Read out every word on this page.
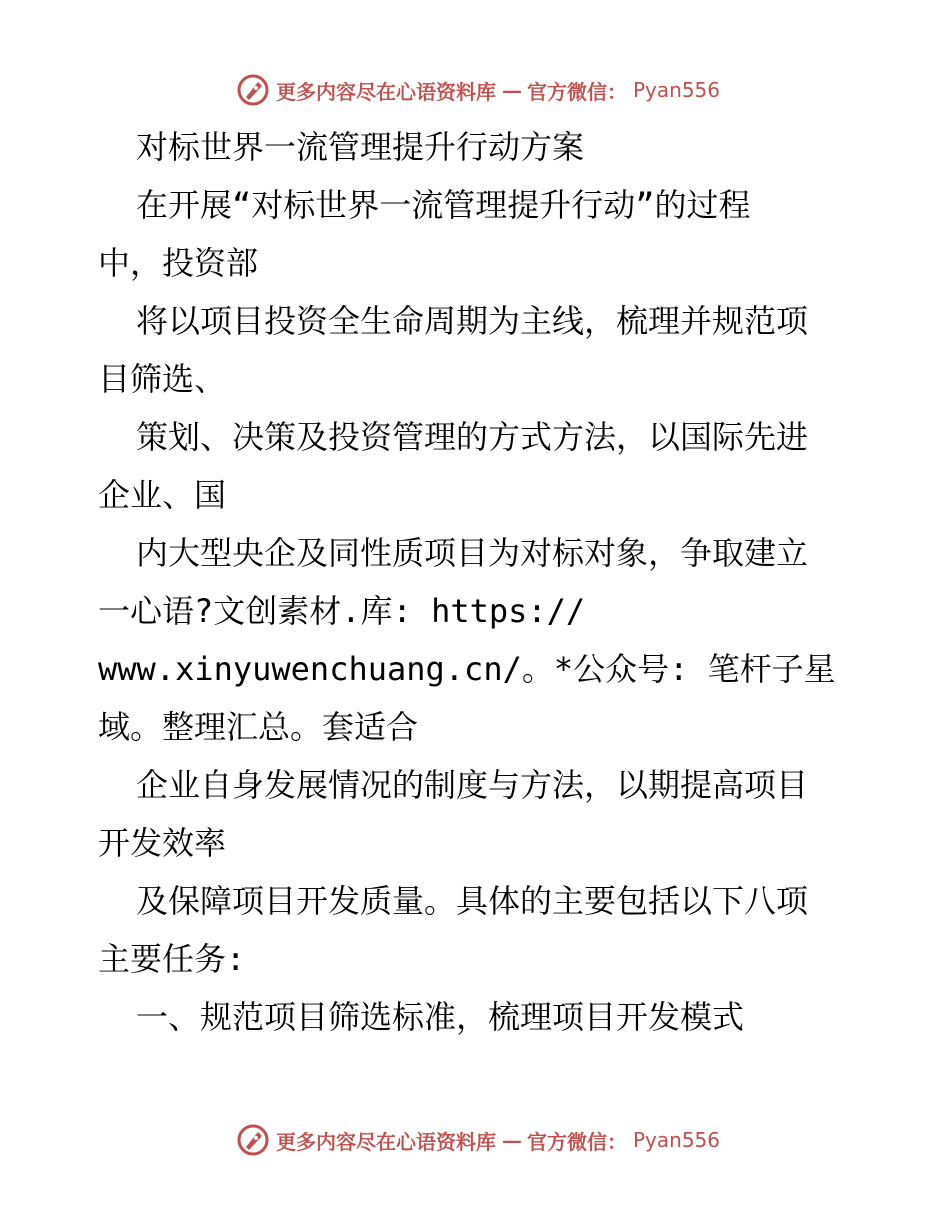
更多内容尽在心语资料库 — 官方微信： Pyan556
对标世界一流管理提升行动方案
在开展“对标世界一流管理提升行动”的过程
中，投资部
将以项目投资全生命周期为主线，梳理并规范项
目筛选、
策划、决策及投资管理的方式方法，以国际先进
企业、国
内大型央企及同性质项目为对标对象，争取建立
一心语?文创素材.库: https://
www.xinyuwenchuang.cn/。*公众号: 笔杆子星
域。整理汇总。套适合
企业自身发展情况的制度与方法，以期提高项目
开发效率
及保障项目开发质量。具体的主要包括以下八项
主要任务:
一、规范项目筛选标准，梳理项目开发模式
更多内容尽在心语资料库 — 官方微信： Pyan556
